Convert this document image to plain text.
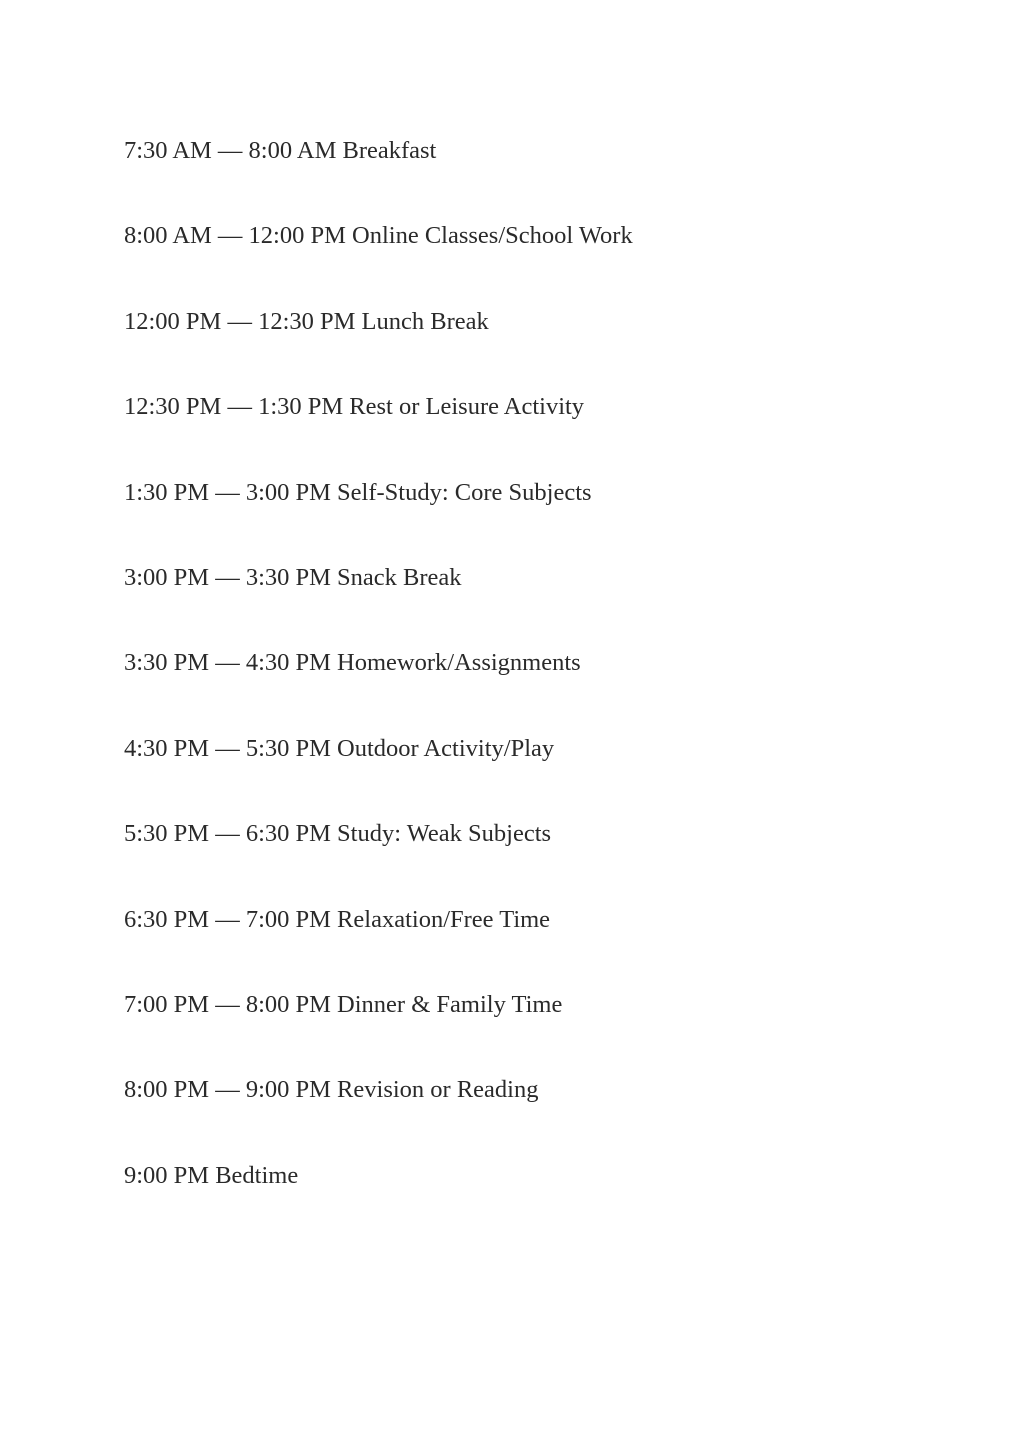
7:30 AM — 8:00 AM Breakfast
8:00 AM — 12:00 PM Online Classes/School Work
12:00 PM — 12:30 PM Lunch Break
12:30 PM — 1:30 PM Rest or Leisure Activity
1:30 PM — 3:00 PM Self-Study: Core Subjects
3:00 PM — 3:30 PM Snack Break
3:30 PM — 4:30 PM Homework/Assignments
4:30 PM — 5:30 PM Outdoor Activity/Play
5:30 PM — 6:30 PM Study: Weak Subjects
6:30 PM — 7:00 PM Relaxation/Free Time
7:00 PM — 8:00 PM Dinner & Family Time
8:00 PM — 9:00 PM Revision or Reading
9:00 PM Bedtime
